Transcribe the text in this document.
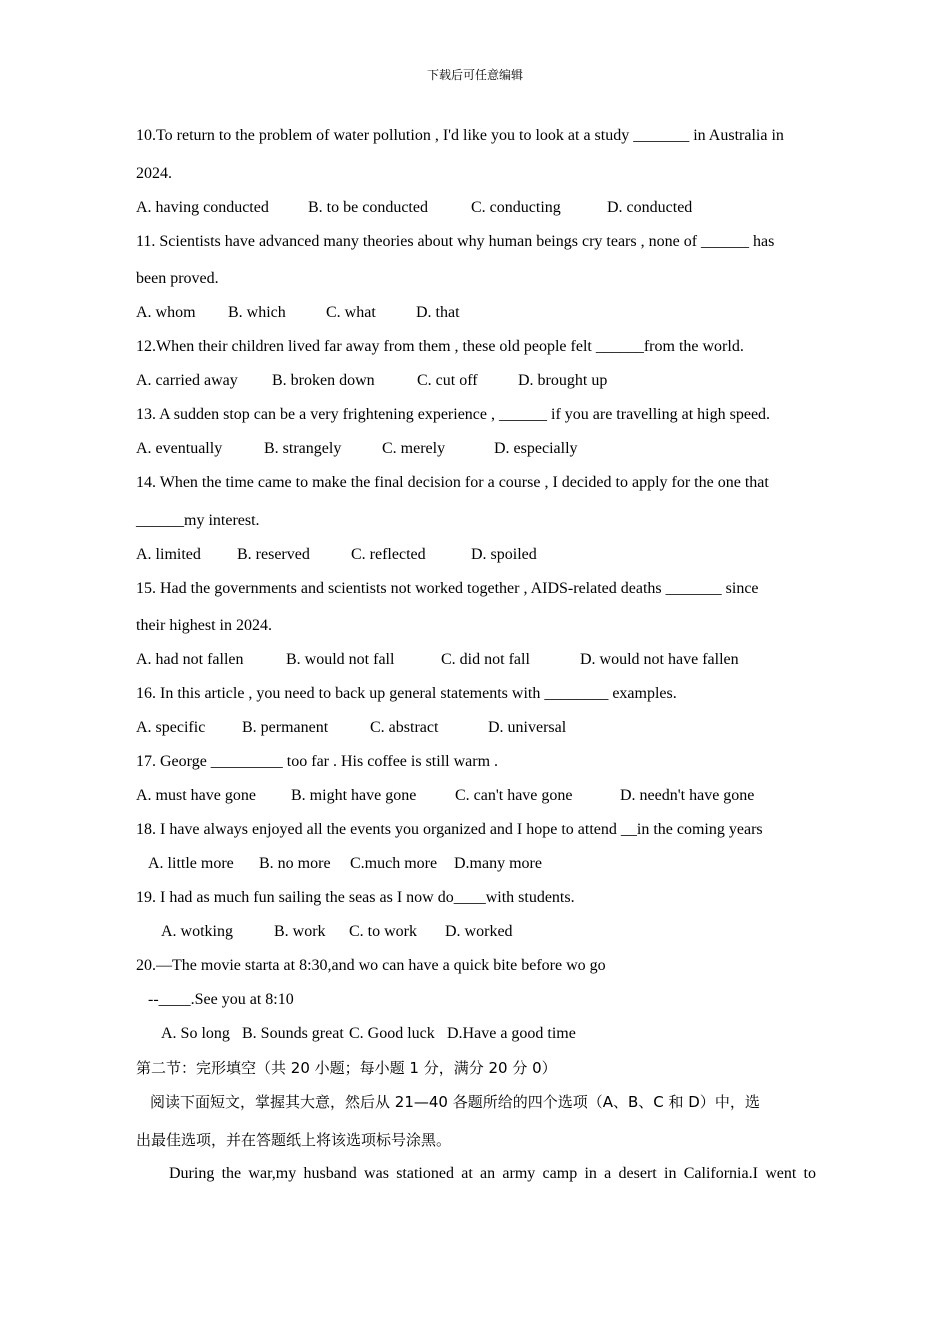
下载后可任意编辑
10.To return to the problem of water pollution , I'd like you to look at a study _______ in Australia in
2024.
A. having conducted B. to be conducted	C. conducting	D. conducted
11. Scientists have advanced many theories about why human beings cry tears , none of ______ has
been proved.
A. whom B. which	C. what	D. that
12.When their children lived far away from them , these old people felt ______from the world.
A. carried away B. broken down	C. cut off	D. brought up
13. A sudden stop can be a very frightening experience , ______ if you are travelling at high speed.
A. eventually	B. strangely	C. merely	D. especially
14. When the time came to make the final decision for a course , I decided to apply for the one that
______my interest.
A. limited B. reserved	C. reflected	D. spoiled
15. Had the governments and scientists not worked together , AIDS-related deaths _______ since
their highest in 2024.
A. had not fallen	B. would not fall	C. did not fall	D. would not have fallen
16. In this article , you need to back up general statements with ________ examples.
A. specific B. permanent	C. abstract	D. universal
17. George _________ too far . His coffee is still warm .
A. must have gone B. might have gone C. can't have gone	D. needn't have gone
18. I have always enjoyed all the events you organized and I hope to attend __in the coming years
A. little more B. no more C.much more D.many more
19. I had as much fun sailing the seas as I now do____with students.
A. wotking	B. work C. to work D. worked
20.—The movie starta at 8:30,and wo can have a quick bite before wo go
--____.See you at 8:10
A. So long B. Sounds great C. Good luck D.Have a good time
第二节：完形填空（共 20 小题；每小题 1 分，满分 20 分 0）
阅读下面短文，掌握其大意，然后从 21—40 各题所给的四个选项（A、B、C 和 D）中，选
出最佳选项，并在答题纸上将该选项标号涂黑。
During the war,my husband was stationed at an army camp in a desert in California.I went to
